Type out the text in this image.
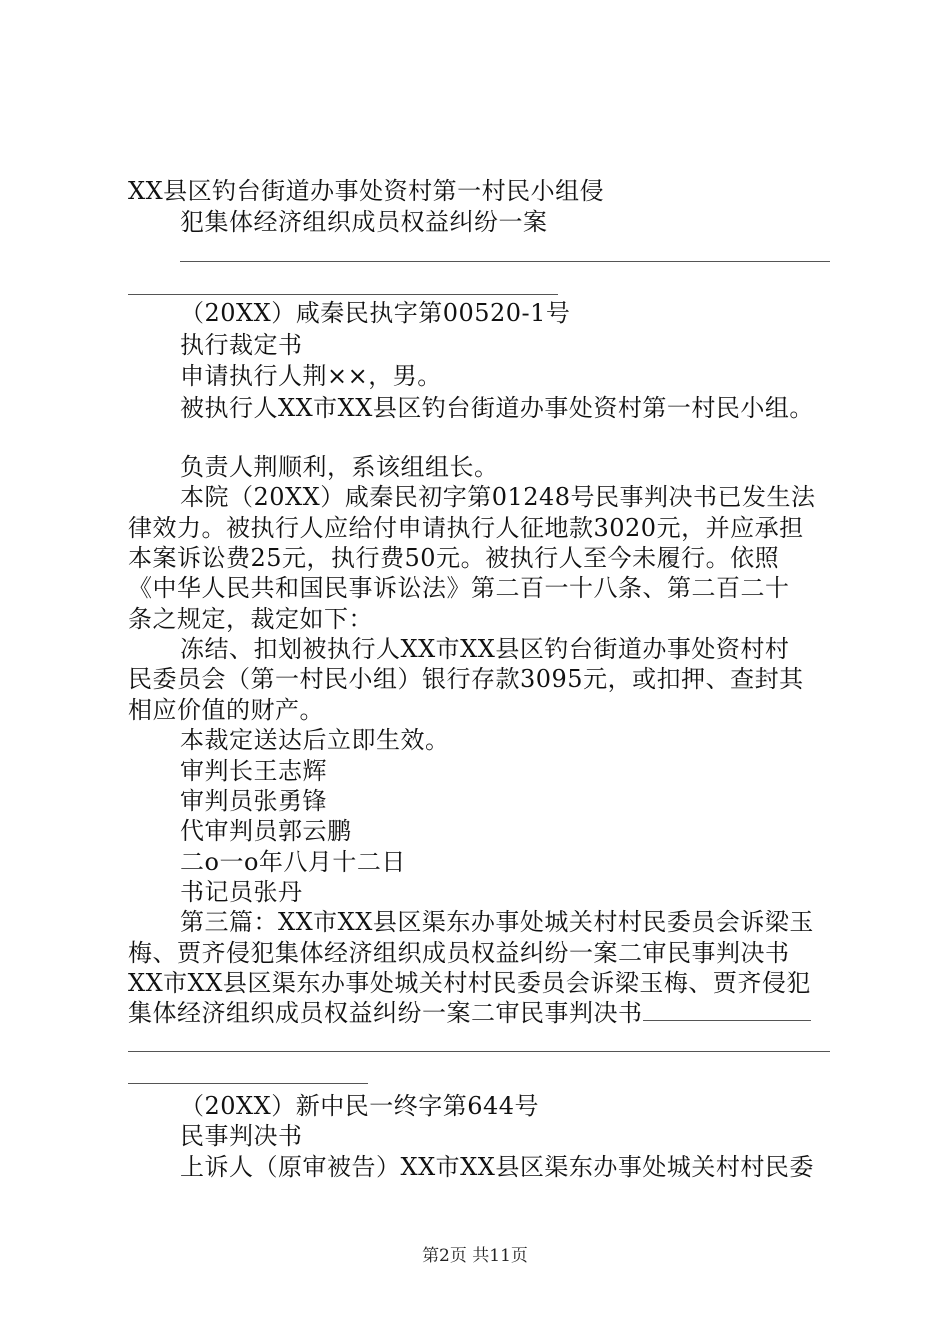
XX县区钓台街道办事处资村第一村民小组侵
犯集体经济组织成员权益纠纷一案
（20XX）咸秦民执字第00520-1号
执行裁定书
申请执行人荆××，男。
被执行人XX市XX县区钓台街道办事处资村第一村民小组。
负责人荆顺利，系该组组长。
本院（20XX）咸秦民初字第01248号民事判决书已发生法
律效力。被执行人应给付申请执行人征地款3020元，并应承担
本案诉讼费25元，执行费50元。被执行人至今未履行。依照
《中华人民共和国民事诉讼法》第二百一十八条、第二百二十
条之规定，裁定如下：
冻结、扣划被执行人XX市XX县区钓台街道办事处资村村
民委员会（第一村民小组）银行存款3095元，或扣押、查封其
相应价值的财产。
本裁定送达后立即生效。
审判长王志辉
审判员张勇锋
代审判员郭云鹏
二o一o年八月十二日
书记员张丹
第三篇：XX市XX县区渠东办事处城关村村民委员会诉梁玉
梅、贾齐侵犯集体经济组织成员权益纠纷一案二审民事判决书
XX市XX县区渠东办事处城关村村民委员会诉梁玉梅、贾齐侵犯
集体经济组织成员权益纠纷一案二审民事判决书
（20XX）新中民一终字第644号
民事判决书
上诉人（原审被告）XX市XX县区渠东办事处城关村村民委
第2页 共11页
